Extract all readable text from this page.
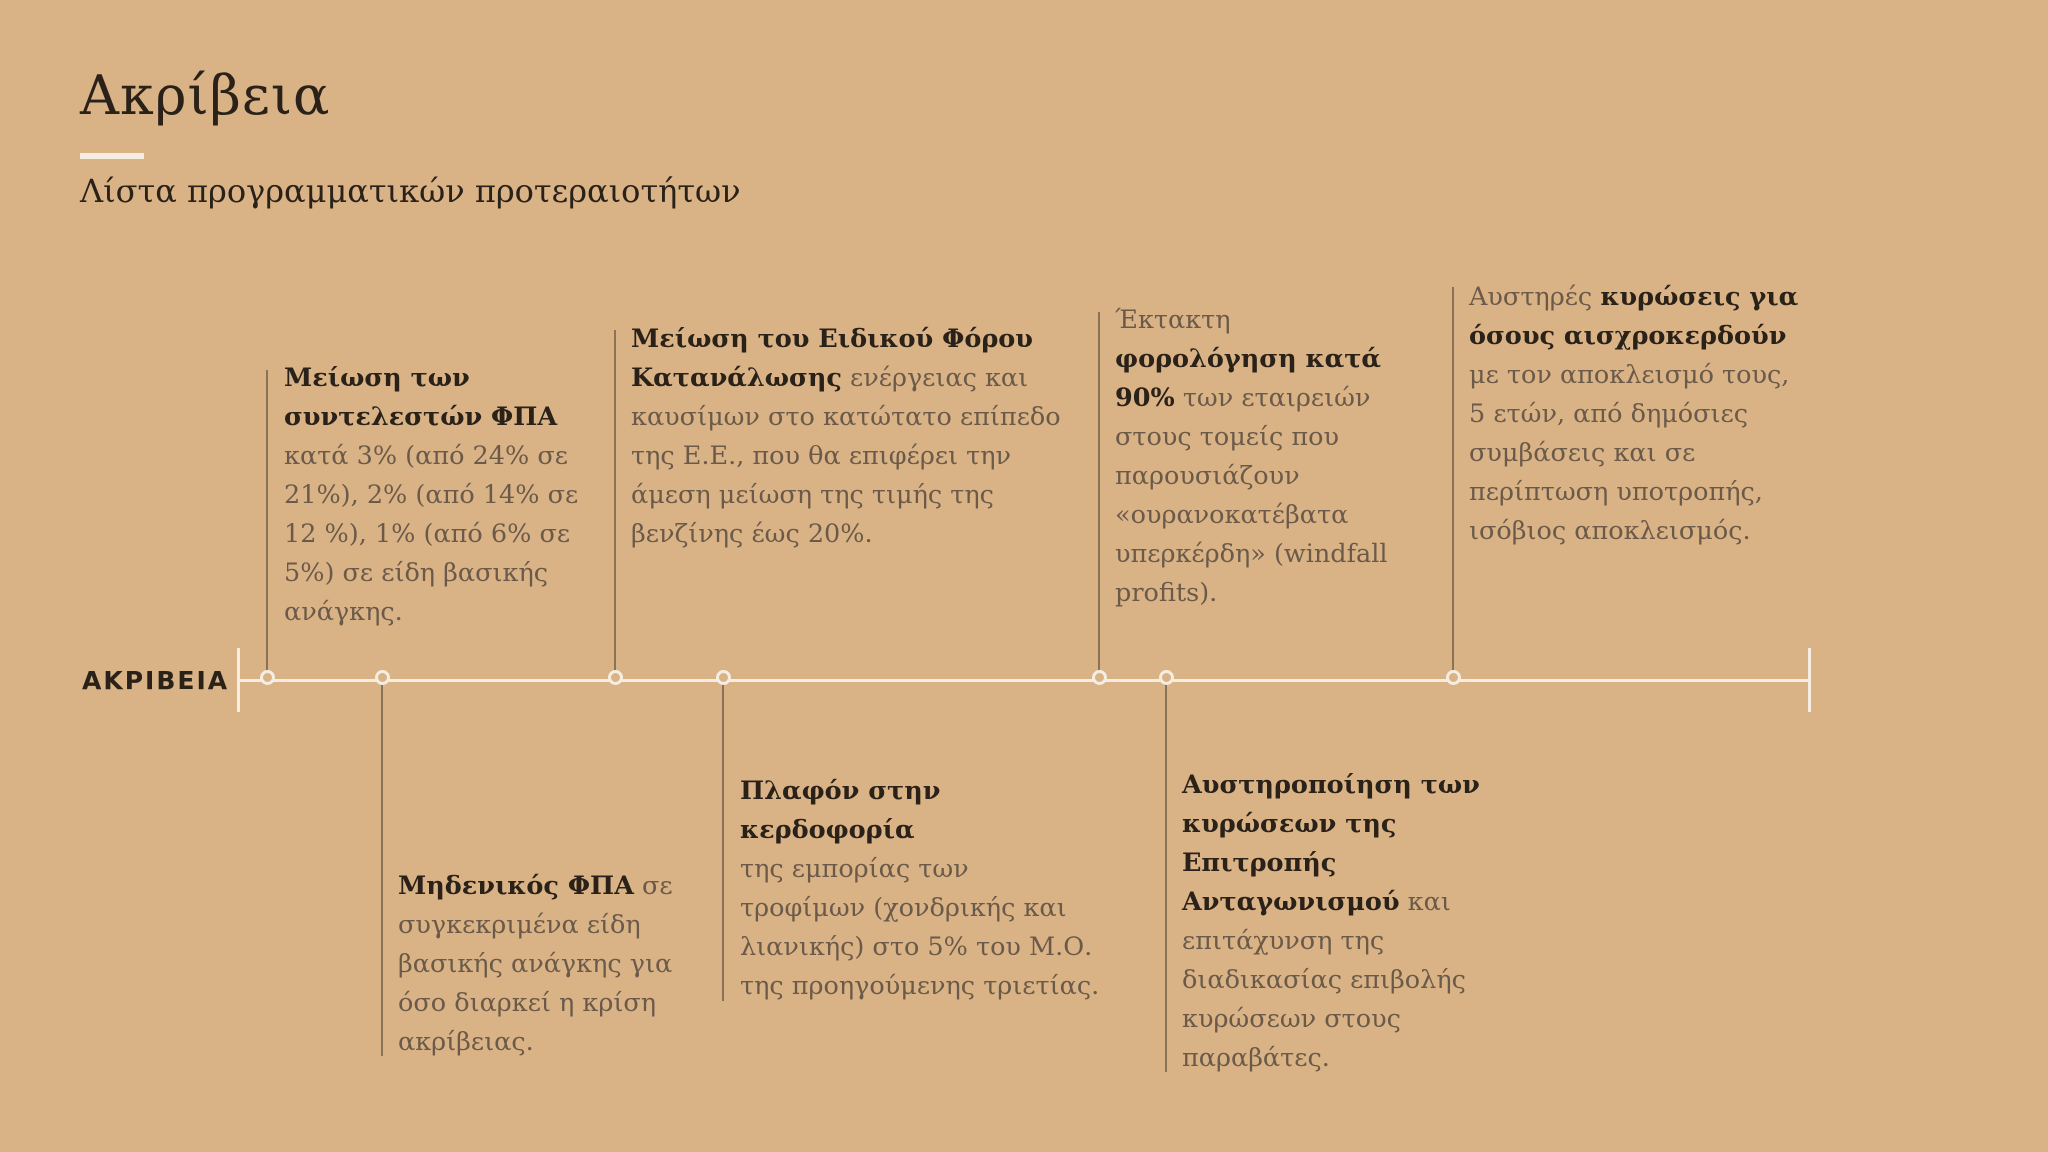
Ακρίβεια
Λίστα προγραμματικών προτεραιοτήτων
ΑΚΡΙΒΕΙΑ

Μείωση των συντελεστών ΦΠΑ
κατά 3% (από 24% σε 21%), 2% (από 14% σε 12 %), 1% (από 6% σε 5%) σε είδη βασικής ανάγκης.

Μηδενικός ΦΠΑ σε συγκεκριμένα είδη βασικής ανάγκης για όσο διαρκεί η κρίση ακρίβειας.

Μείωση του Ειδικού Φόρου Κατανάλωσης ενέργειας και καυσίμων στο κατώτατο επίπεδο της Ε.Ε., που θα επιφέρει την άμεση μείωση της τιμής της βενζίνης έως 20%.

Πλαφόν στην κερδοφορία
της εμπορίας των τροφίμων (χονδρικής και λιανικής) στο 5% του Μ.Ο. της προηγούμενης τριετίας.

Έκτακτη φορολόγηση κατά 90% των εταιρειών στους τομείς που παρουσιάζουν «ουρανοκατέβατα υπερκέρδη» (windfall profits).

Αυστηροποίηση των κυρώσεων της Επιτροπής Ανταγωνισμού και επιτάχυνση της διαδικασίας επιβολής κυρώσεων στους παραβάτες.

Αυστηρές κυρώσεις για όσους αισχροκερδούν με τον αποκλεισμό τους, 5 ετών, από δημόσιες συμβάσεις και σε περίπτωση υποτροπής, ισόβιος αποκλεισμός.
